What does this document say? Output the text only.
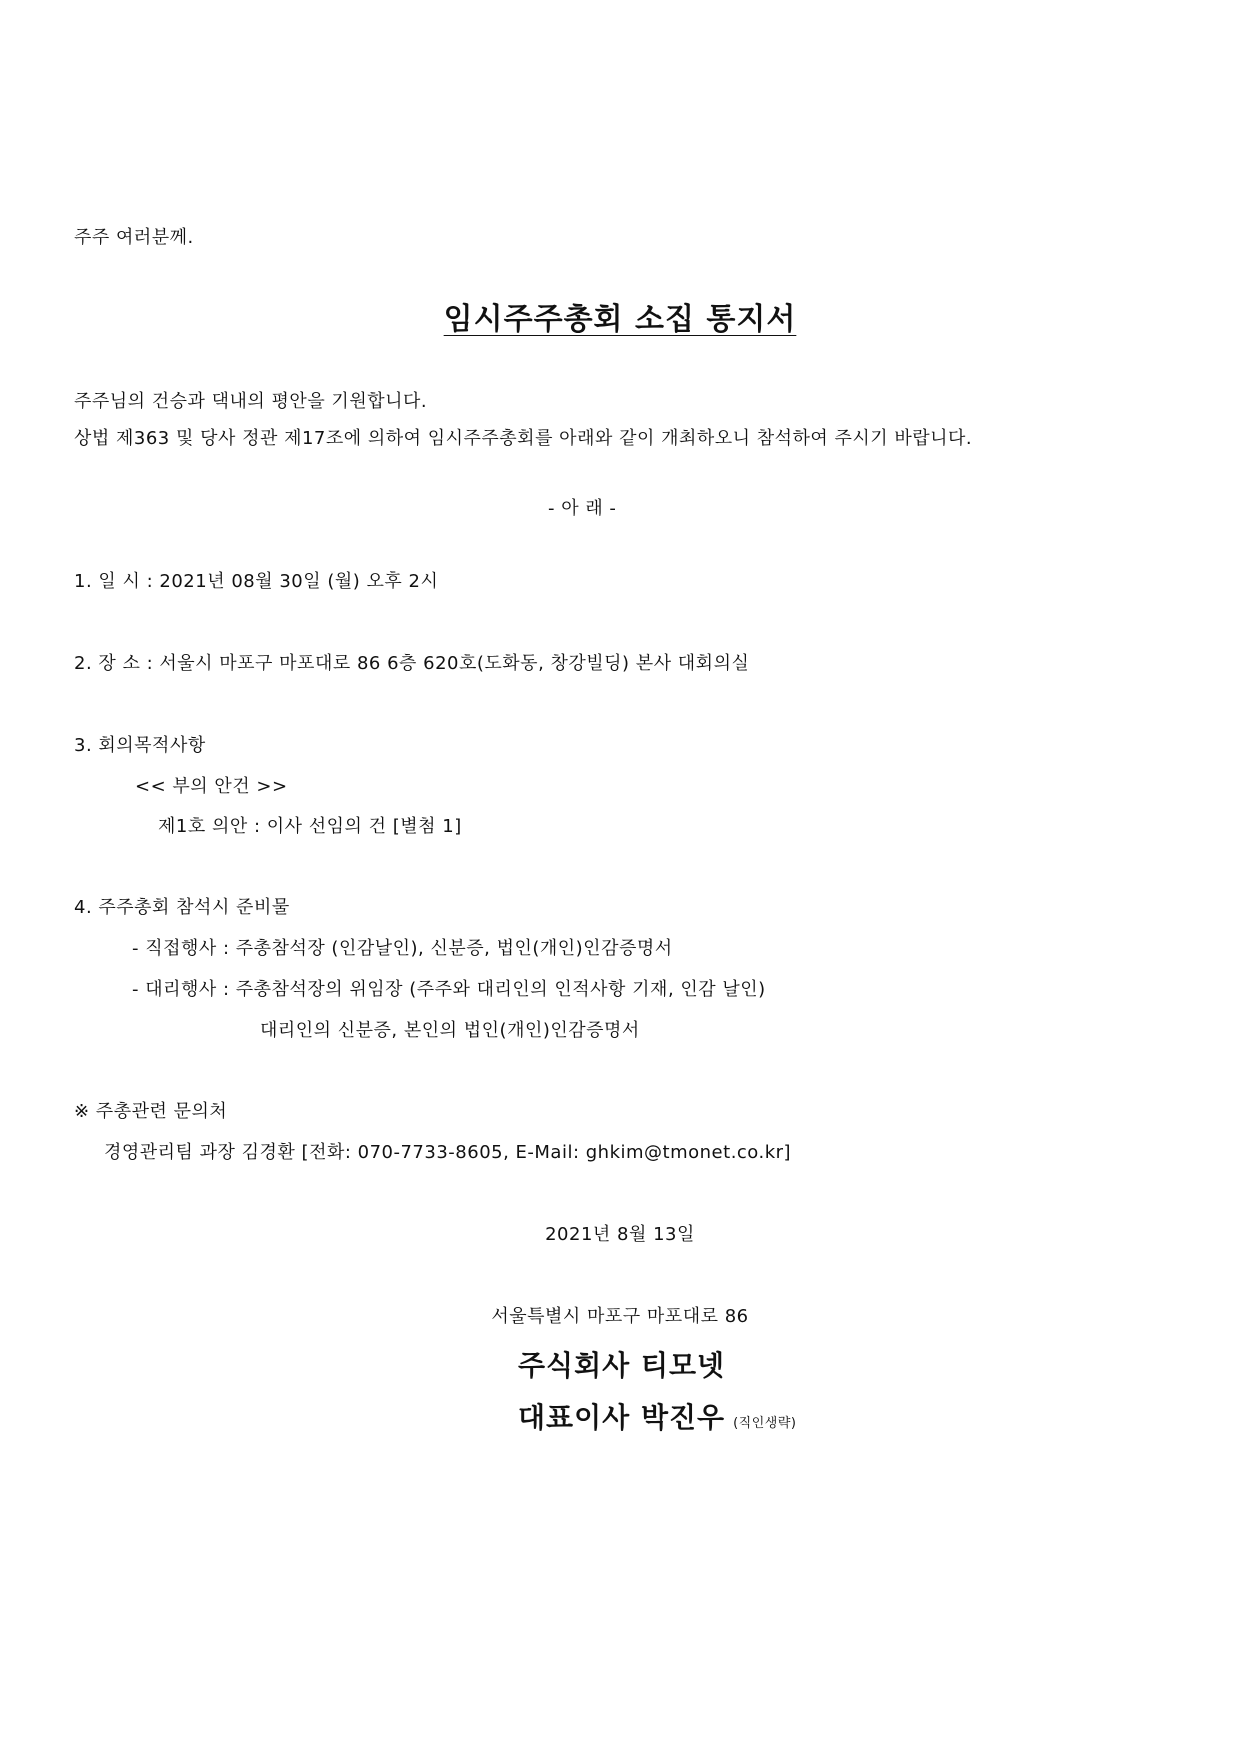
주주 여러분께.
임시주주총회 소집 통지서
주주님의 건승과 댁내의 평안을 기원합니다.
상법 제363 및 당사 정관 제17조에 의하여 임시주주총회를 아래와 같이 개최하오니 참석하여 주시기 바랍니다.
- 아 래 -
1. 일 시 : 2021년 08월 30일 (월) 오후 2시
2. 장 소 : 서울시 마포구 마포대로 86 6층 620호(도화동, 창강빌딩) 본사 대회의실
3. 회의목적사항
<< 부의 안건 >>
제1호 의안 : 이사 선임의 건 [별첨 1]
4. 주주총회 참석시 준비물
- 직접행사 : 주총참석장 (인감날인), 신분증, 법인(개인)인감증명서
- 대리행사 : 주총참석장의 위임장 (주주와 대리인의 인적사항 기재, 인감 날인)
대리인의 신분증, 본인의 법인(개인)인감증명서
※ 주총관련 문의처
경영관리팀 과장 김경환 [전화: 070-7733-8605, E-Mail: ghkim@tmonet.co.kr]
2021년 8월 13일
서울특별시 마포구 마포대로 86
주식회사 티모넷
대표이사 박진우 (직인생략)
